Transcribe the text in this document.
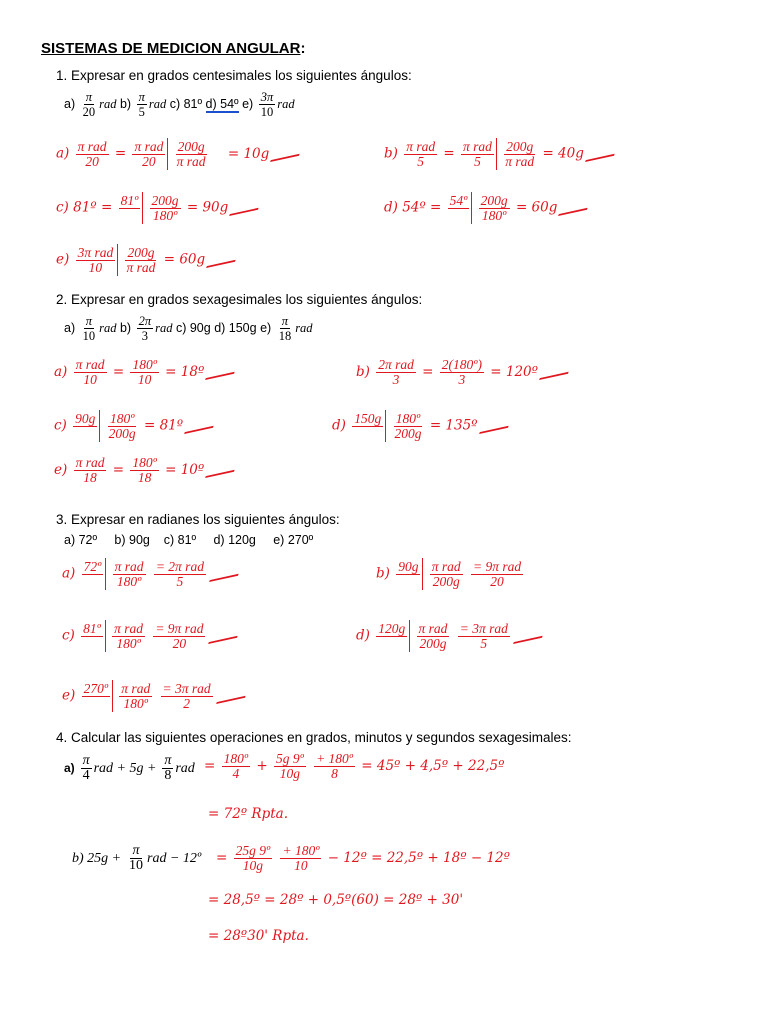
SISTEMAS DE MEDICION ANGULAR:
1. Expresar en grados centesimales los siguientes ángulos:
$a) \frac{\pi}{20}$ rad $b) \frac{\pi}{5}$ rad c) 81º d) 54º $e) \frac{3\pi}{10}$ rad
$a) \frac{\text{π rad}}{20} = \frac{\text{π rad}}{20}$
$\frac{200g}{\text{π rad}} = 10g$	$b) \frac{\text{π rad}}{5} = \frac{\text{π rad}}{5}$
$\frac{200g}{\text{π rad}} = 40g$
c) 81º = 81º

$\frac{200g}{\text{180º}} = 90g$	d) 54º = 54º

$\frac{200g}{\text{180º}} = 60g$
$e) \frac{\text{3π rad}}{10}$
$\frac{200g}{\text{π rad}} = 60g$
2. Expresar en grados sexagesimales los siguientes ángulos:
$a) \frac{\pi}{10}$ rad $b) \frac{2\pi}{3}$ rad c) 90g d) 150g $e) \frac{\pi}{18}$ rad
$a) \frac{\text{π rad}}{10} = \frac{\text{180º}}{10}$ = 18º	$b) \frac{\text{2π rad}}{3} = \frac{\text{2(180º)}}{3}$ = 120º
c) 90g

$\frac{\text{180º}}{200g}$ = 81º	d) 150g

$\frac{\text{180º}}{200g}$ = 135º
$e) \frac{\text{π rad}}{18} = \frac{\text{180º}}{18}$ = 10º
3. Expresar en radianes los siguientes ángulos:
a) 72º     b) 90g    c) 81º     d) 120g     e) 270º
a) 72º

$\frac{\text{π rad}}{\text{180º}}$
$\frac{\text{= 2π rad}}{5}$	b) 90g

$\frac{\text{π rad}}{200g}$
$\frac{\text{= 9π rad}}{20}$
c) 81º

$\frac{\text{π rad}}{\text{180º}}$
$\frac{\text{= 9π rad}}{20}$	d) 120g

$\frac{\text{π rad}}{200g}$
$\frac{\text{= 3π rad}}{5}$
e) 270º

$\frac{\text{π rad}}{\text{180º}}$
$\frac{\text{= 3π rad}}{2}$
4. Calcular las siguientes operaciones en grados, minutos y segundos sexagesimales:
$a) \frac{\pi}{4}$ rad + $5g + \frac{\pi}{8}$ rad = $\frac{\text{180º}}{4} + \frac{\text{5g 9º}}{10g}$
$\frac{\text{+ 180º}}{8}$ = 45º + 4,5º + 22,5º
= 72º Rpta.
b) $25g + \frac{\pi}{10}$ rad − 12º = $\frac{\text{25g 9º}}{10g}$
$\frac{\text{+ 180º}}{10}$ − 12º = 22,5º + 18º − 12º
= 28,5º = 28º + 0,5º(60) = 28º + 30'
= 28º30' Rpta.
